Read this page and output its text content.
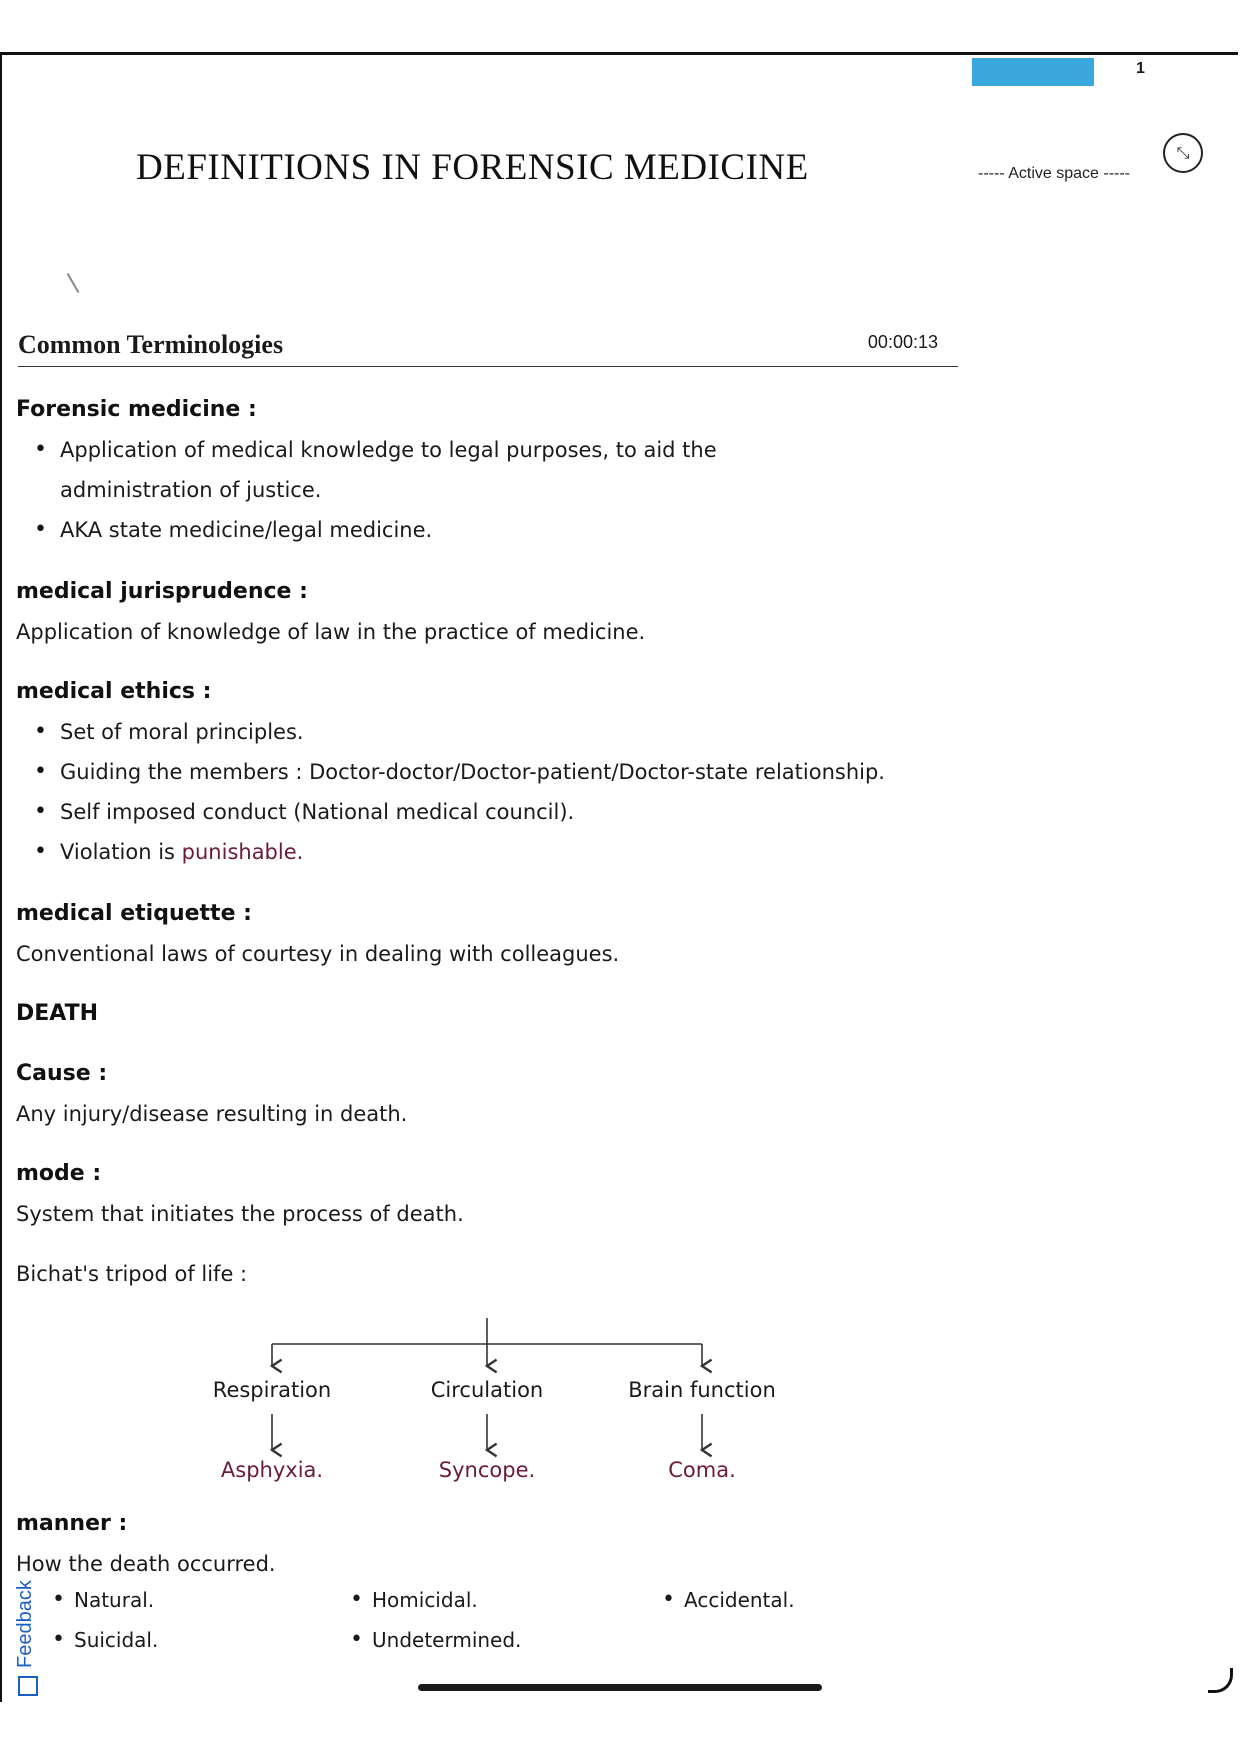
1
DEFINITIONS IN FORENSIC MEDICINE	----- Active space -----
⤡
Common Terminologies	00:00:13

Forensic medicine :

• Application of medical knowledge to legal purposes, to aid the administration of justice.
• AKA state medicine/legal medicine.

medical jurisprudence :

Application of knowledge of law in the practice of medicine.

medical ethics :

• Set of moral principles.
• Guiding the members : Doctor-doctor/Doctor-patient/Doctor-state relationship.
• Self imposed conduct (National medical council).
• Violation is punishable.

medical etiquette :

Conventional laws of courtesy in dealing with colleagues.

DEATH

Cause :

Any injury/disease resulting in death.

mode :

System that initiates the process of death.

Bichat's tripod of life :

Respiration	Circulation	Brain function
Asphyxia.	Syncope.	Coma.

manner :

How the death occurred.

• Natural.	• Homicidal.	• Accidental.
• Suicidal.	• Undetermined.
Feedback
